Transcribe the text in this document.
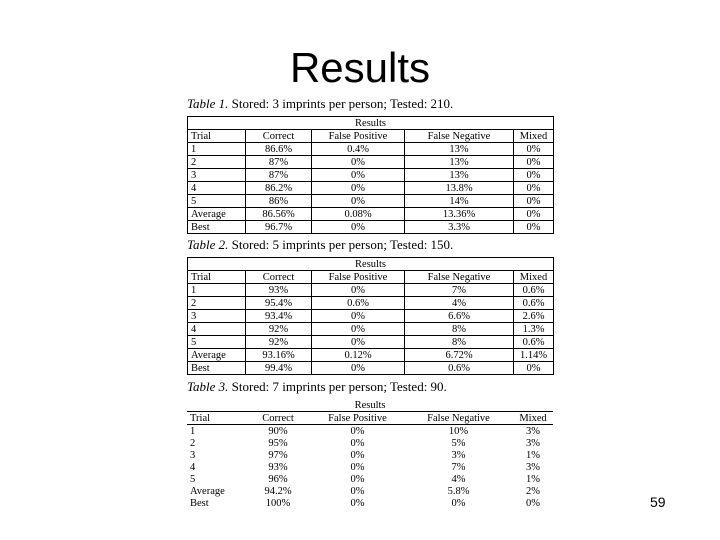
Results
Table 1. Stored: 3 imprints per person; Tested: 210.
Results				
Trial	Correct	False Positive	False Negative	Mixed
1	86.6%	0.4%	13%	0%
2	87%	0%	13%	0%
3	87%	0%	13%	0%
4	86.2%	0%	13.8%	0%
5	86%	0%	14%	0%
Average	86.56%	0.08%	13.36%	0%
Best	96.7%	0%	3.3%	0%
Table 2. Stored: 5 imprints per person; Tested: 150.
Results				
Trial	Correct	False Positive	False Negative	Mixed
1	93%	0%	7%	0.6%
2	95.4%	0.6%	4%	0.6%
3	93.4%	0%	6.6%	2.6%
4	92%	0%	8%	1.3%
5	92%	0%	8%	0.6%
Average	93.16%	0.12%	6.72%	1.14%
Best	99.4%	0%	0.6%	0%
Table 3. Stored: 7 imprints per person; Tested: 90.
Results				
Trial	Correct	False Positive	False Negative	Mixed
1	90%	0%	10%	3%
2	95%	0%	5%	3%
3	97%	0%	3%	1%
4	93%	0%	7%	3%
5	96%	0%	4%	1%
Average	94.2%	0%	5.8%	2%
Best	100%	0%	0%	0%	59
